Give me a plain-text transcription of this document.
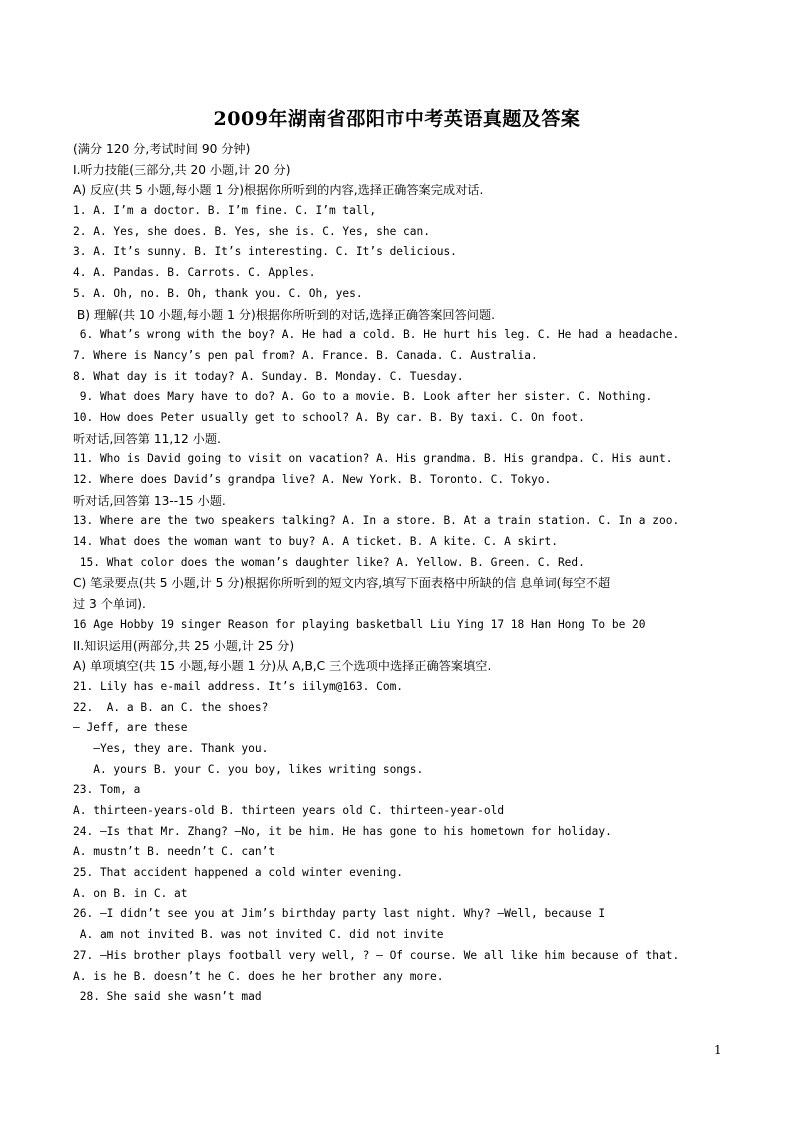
2009年湖南省邵阳市中考英语真题及答案
(满分 120 分,考试时间 90 分钟)
I.听力技能(三部分,共 20 小题,计 20 分)
A) 反应(共 5 小题,每小题 1 分)根据你所听到的内容,选择正确答案完成对话.
1. A. I’m a doctor. B. I’m fine. C. I’m tall,
2. A. Yes, she does. B. Yes, she is. C. Yes, she can.
3. A. It’s sunny. B. It’s interesting. C. It’s delicious.
4. A. Pandas. B. Carrots. C. Apples.
5. A. Oh, no. B. Oh, thank you. C. Oh, yes.
B) 理解(共 10 小题,每小题 1 分)根据你所听到的对话,选择正确答案回答问题.
6. What’s wrong with the boy? A. He had a cold. B. He hurt his leg. C. He had a headache.
7. Where is Nancy’s pen pal from? A. France. B. Canada. C. Australia.
8. What day is it today? A. Sunday. B. Monday. C. Tuesday.
9. What does Mary have to do? A. Go to a movie. B. Look after her sister. C. Nothing.
10. How does Peter usually get to school? A. By car. B. By taxi. C. On foot.
听对话,回答第 11,12 小题.
11. Who is David going to visit on vacation? A. His grandma. B. His grandpa. C. His aunt.
12. Where does David’s grandpa live? A. New York. B. Toronto. C. Tokyo.
听对话,回答第 13--15 小题.
13. Where are the two speakers talking? A. In a store. B. At a train station. C. In a zoo.
14. What does the woman want to buy? A. A ticket. B. A kite. C. A skirt.
15. What color does the woman’s daughter like? A. Yellow. B. Green. C. Red.
C) 笔录要点(共 5 小题,计 5 分)根据你所听到的短文内容,填写下面表格中所缺的信 息单词(每空不超
过 3 个单词).
16 Age Hobby 19 singer Reason for playing basketball Liu Ying 17 18 Han Hong To be 20
II.知识运用(两部分,共 25 小题,计 25 分)
A) 单项填空(共 15 小题,每小题 1 分)从 A,B,C 三个选项中选择正确答案填空.
21. Lily has e-mail address. It’s iilym@163. Com.
22.  A. a B. an C. the shoes?
— Jeff, are these
—Yes, they are. Thank you.
A. yours B. your C. you boy, likes writing songs.
23. Tom, a
A. thirteen-years-old B. thirteen years old C. thirteen-year-old
24. —Is that Mr. Zhang? —No, it be him. He has gone to his hometown for holiday.
A. mustn’t B. needn’t C. can’t
25. That accident happened a cold winter evening.
A. on B. in C. at
26. —I didn’t see you at Jim’s birthday party last night. Why? —Well, because I
A. am not invited B. was not invited C. did not invite
27. —His brother plays football very well, ? — Of course. We all like him because of that.
A. is he B. doesn’t he C. does he her brother any more.
28. She said she wasn’t mad
1
